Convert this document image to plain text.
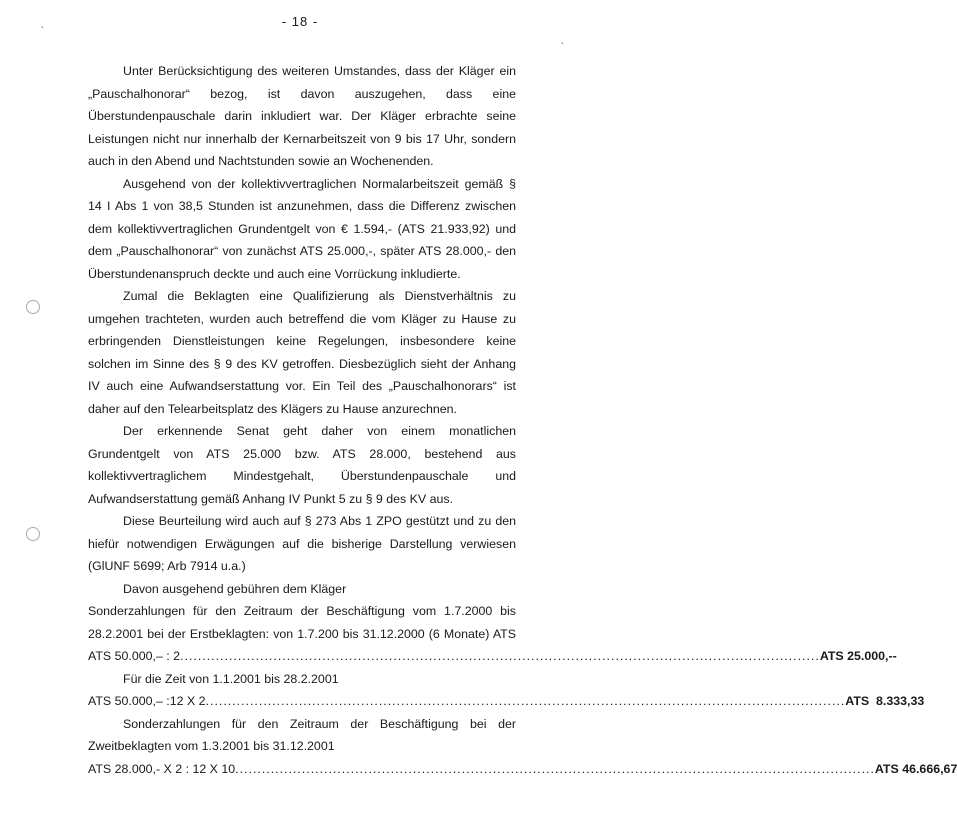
- 18 -
·
·

Unter Berücksichtigung des weiteren Umstandes, dass der Kläger ein „Pauschalhonorar“ bezog, ist davon auszugehen, dass eine Überstundenpauschale darin inkludiert war. Der Kläger erbrachte seine Leistungen nicht nur innerhalb der Kernarbeitszeit von 9 bis 17 Uhr, sondern auch in den Abend und Nachtstunden sowie an Wochenenden.

Ausgehend von der kollektivvertraglichen Normalarbeitszeit gemäß § 14 I Abs 1 von 38,5 Stunden ist anzunehmen, dass die Differenz zwischen dem kollektivvertraglichen Grundentgelt von € 1.594,- (ATS 21.933,92) und dem „Pauschalhonorar“ von zunächst ATS 25.000,-, später ATS 28.000,- den Überstundenanspruch deckte und auch eine Vorrückung inkludierte.

Zumal die Beklagten eine Qualifizierung als Dienstverhältnis zu umgehen trachteten, wurden auch betreffend die vom Kläger zu Hause zu erbringenden Dienstleistungen keine Regelungen, insbesondere keine solchen im Sinne des § 9 des KV getroffen. Diesbezüglich sieht der Anhang IV auch eine Aufwandserstattung vor. Ein Teil des „Pauschalhonorars“ ist daher auf den Telearbeitsplatz des Klägers zu Hause anzurechnen.

Der erkennende Senat geht daher von einem monatlichen Grundentgelt von ATS 25.000 bzw. ATS 28.000, bestehend aus kollektivvertraglichem Mindestgehalt, Überstundenpauschale und Aufwandserstattung gemäß Anhang IV Punkt 5 zu § 9 des KV aus.

Diese Beurteilung wird auch auf § 273 Abs 1 ZPO gestützt und zu den hiefür notwendigen Erwägungen auf die bisherige Darstellung verwiesen (GlUNF 5699; Arb 7914 u.a.)

Davon ausgehend gebühren dem Kläger

Sonderzahlungen für den Zeitraum der Beschäftigung vom 1.7.2000 bis

28.2.2001 bei der Erstbeklagten: von 1.7.200 bis 31.12.2000 (6 Monate) ATS

ATS 50.000,– : 2 ................................................................................................................................................ ATS 25.000,--

Für die Zeit von 1.1.2001 bis 28.2.2001

ATS 50.000,– :12 X 2 ................................................................................................................................................ ATS  8.333,33

Sonderzahlungen für den Zeitraum der Beschäftigung bei der Zweitbeklagten vom 1.3.2001 bis 31.12.2001

ATS 28.000,- X 2 : 12 X 10 ................................................................................................................................................ ATS 46.666,67
